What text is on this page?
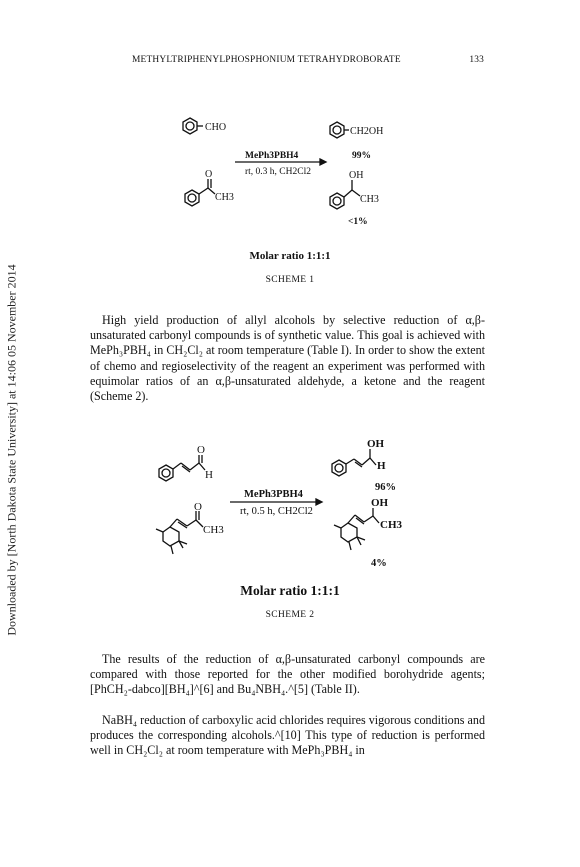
Downloaded by [North Dakota State University] at 14:06 05 November 2014
METHYLTRIPHENYLPHOSPHONIUM TETRAHYDROBORATE	133
CHO
O
CH3
MePh3PBH4
rt, 0.3 h, CH2Cl2
CH2OH
99%
OH
CH3
<1%
O
H
O
CH3
MePh3PBH4
rt, 0.5 h, CH2Cl2
OH
H
96%
OH
CH3
4%
Molar ratio 1:1:1
SCHEME 1

High yield production of allyl alcohols by selective reduction of α,β-unsaturated carbonyl compounds is of synthetic value. This goal is achieved with MePh₃PBH₄ in CH₂Cl₂ at room temperature (Table I). In order to show the extent of chemo and regioselectivity of the reagent an experiment was performed with equimolar ratios of an α,β-unsaturated aldehyde, a ketone and the reagent (Scheme 2).

Molar ratio 1:1:1
SCHEME 2

The results of the reduction of α,β-unsaturated carbonyl compounds are compared with those reported for the other modified borohydride agents; [PhCH₂-dabco][BH₄]^[6] and Bu₄NBH₄.^[5] (Table II).

NaBH₄ reduction of carboxylic acid chlorides requires vigorous conditions and produces the corresponding alcohols.^[10] This type of reduction is performed well in CH₂Cl₂ at room temperature with MePh₃PBH₄ in
